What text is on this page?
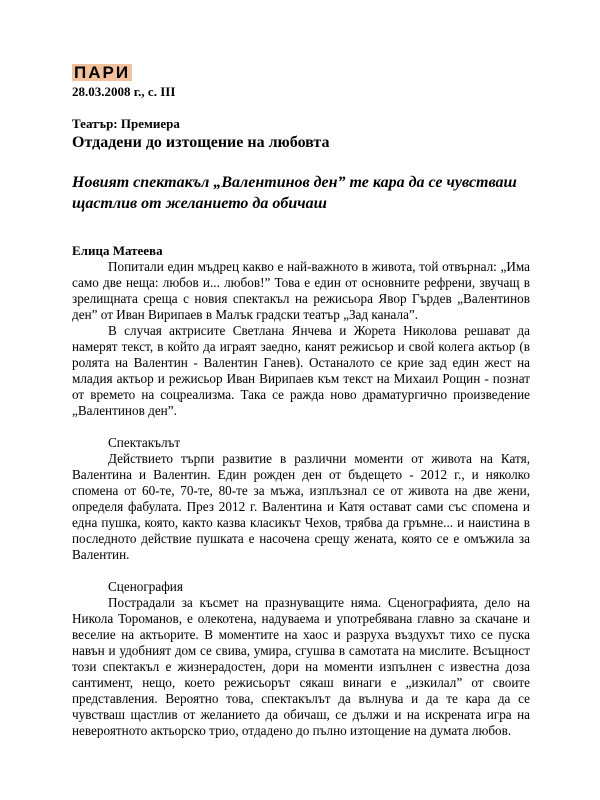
ПАРИ
28.03.2008 г., с. III
Театър: Премиера
Отдадени до изтощение на любовта
Новият спектакъл „Валентинов ден” те кара да се чувстваш щастлив от желанието да обичаш
Елица Матеева

Попитали един мъдрец какво е най-важното в живота, той отвърнал: „Има само две неща: любов и... любов!” Това е един от основните рефрени, звучащ в зрелищната среща с новия спектакъл на режисьора Явор Гърдев „Валентинов ден” от Иван Вирипаев в Малък градски театър „Зад канала”.

В случая актрисите Светлана Янчева и Жорета Николова решават да намерят текст, в който да играят заедно, канят режисьор и свой колега актьор (в ролята на Валентин - Валентин Ганев). Останалото се крие зад един жест на младия актьор и режисьор Иван Вирипаев към текст на Михаил Рощин - познат от времето на соцреализма. Така се ражда ново драматургично произведение „Валентинов ден”.

Спектакълът

Действието търпи развитие в различни моменти от живота на Катя, Валентина и Валентин. Един рожден ден от бъдещето - 2012 г., и няколко спомена от 60-те, 70-те, 80-те за мъжа, изплъзнал се от живота на две жени, определя фабулата. През 2012 г. Валентина и Катя остават сами със спомена и една пушка, която, както казва класикът Чехов, трябва да гръмне... и наистина в последното действие пушката е насочена срещу жената, която се е омъжила за Валентин.

Сценография

Пострадали за късмет на празнуващите няма. Сценографията, дело на Никола Тороманов, е олекотена, надуваема и употребявана главно за скачане и веселие на актьорите. В моментите на хаос и разруха въздухът тихо се пуска навън и удобният дом се свива, умира, сгушва в самотата на мислите. Всъщност този спектакъл е жизнерадостен, дори на моменти изпълнен с известна доза сантимент, нещо, което режисьорът сякаш винаги е „изкилал” от своите представления. Вероятно това, спектакълът да вълнува и да те кара да се чувстваш щастлив от желанието да обичаш, се дължи и на искрената игра на невероятното актьорско трио, отдадено до пълно изтощение на думата любов.
